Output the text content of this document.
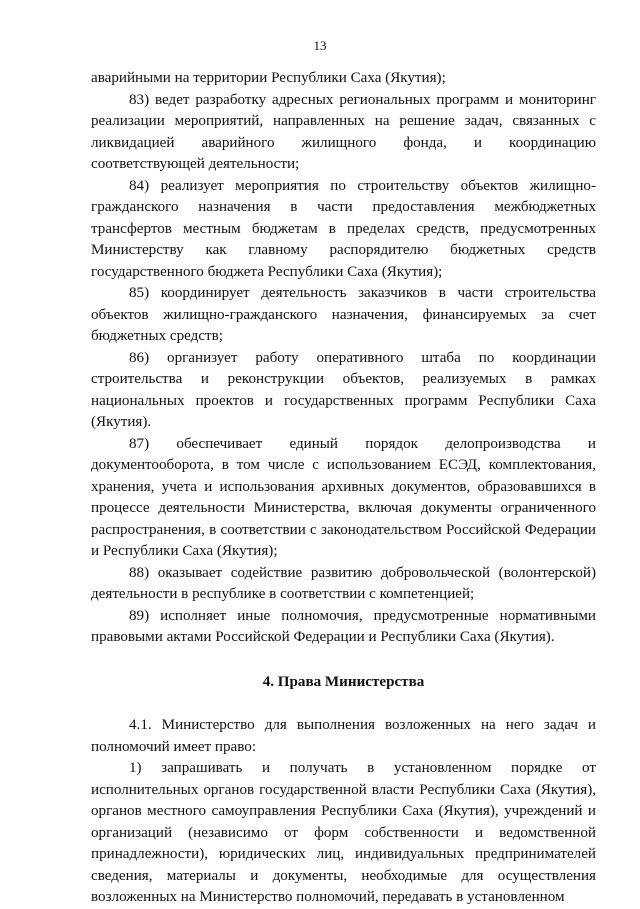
13

аварийными на территории Республики Саха (Якутия);

83) ведет разработку адресных региональных программ и мониторинг реализации мероприятий, направленных на решение задач, связанных с ликвидацией аварийного жилищного фонда, и координацию соответствующей деятельности;

84) реализует мероприятия по строительству объектов жилищно-гражданского назначения в части предоставления межбюджетных трансфертов местным бюджетам в пределах средств, предусмотренных Министерству как главному распорядителю бюджетных средств государственного бюджета Республики Саха (Якутия);

85) координирует деятельность заказчиков в части строительства объектов жилищно-гражданского назначения, финансируемых за счет бюджетных средств;

86) организует работу оперативного штаба по координации строительства и реконструкции объектов, реализуемых в рамках национальных проектов и государственных программ Республики Саха (Якутия).

87) обеспечивает единый порядок делопроизводства и документооборота, в том числе с использованием ЕСЭД, комплектования, хранения, учета и использования архивных документов, образовавшихся в процессе деятельности Министерства, включая документы ограниченного распространения, в соответствии с законодательством Российской Федерации и Республики Саха (Якутия);

88) оказывает содействие развитию добровольческой (волонтерской) деятельности в республике в соответствии с компетенцией;

89) исполняет иные полномочия, предусмотренные нормативными правовыми актами Российской Федерации и Республики Саха (Якутия).

4. Права Министерства

4.1. Министерство для выполнения возложенных на него задач и полномочий имеет право:

1) запрашивать и получать в установленном порядке от исполнительных органов государственной власти Республики Саха (Якутия), органов местного самоуправления Республики Саха (Якутия), учреждений и организаций (независимо от форм собственности и ведомственной принадлежности), юридических лиц, индивидуальных предпринимателей сведения, материалы и документы, необходимые для осуществления возложенных на Министерство полномочий, передавать в установленном
